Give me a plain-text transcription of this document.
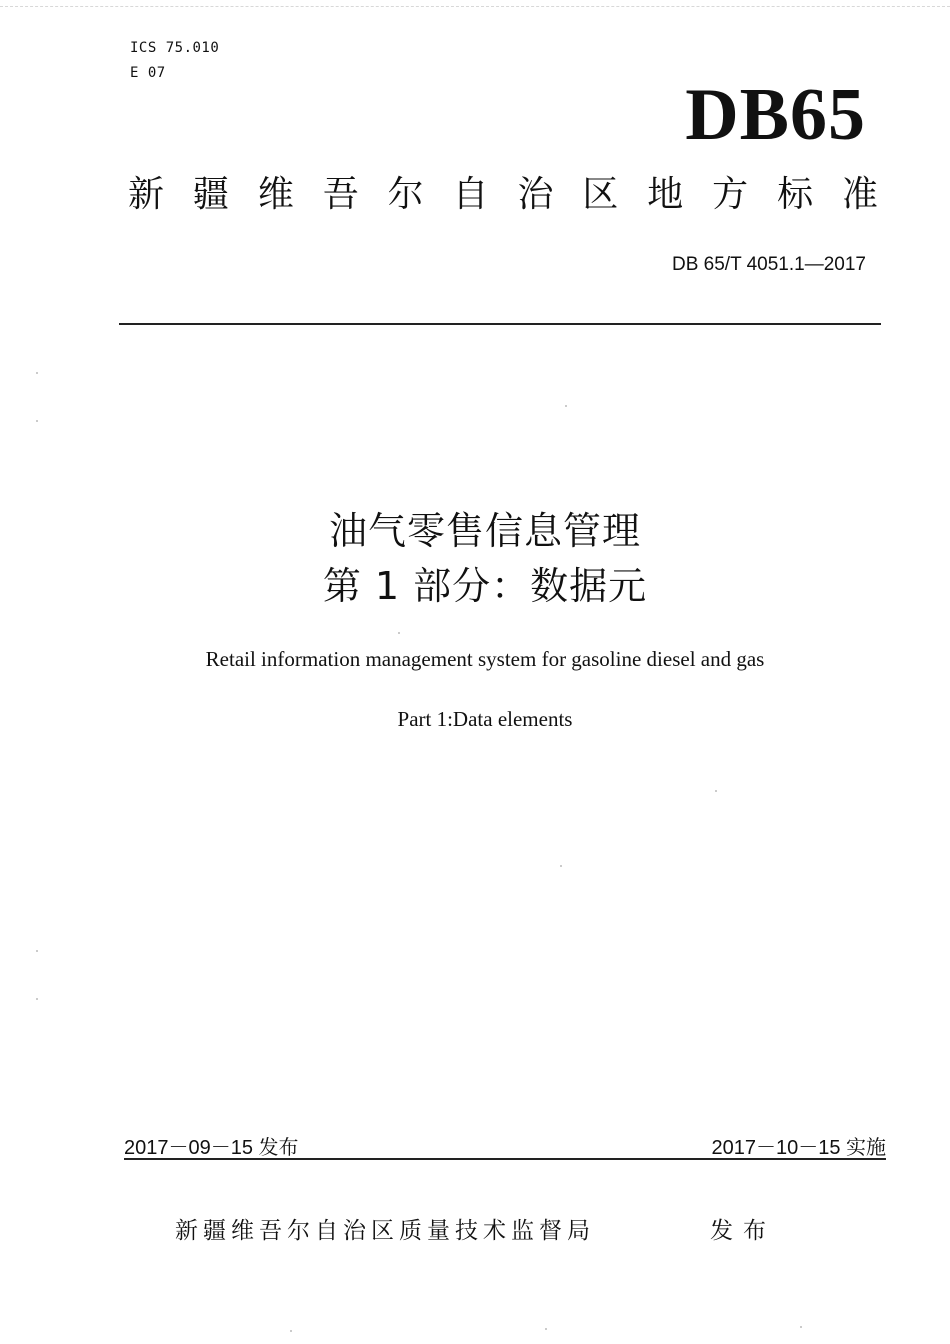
ICS 75.010
E 07
DB65
新 疆 维 吾 尔 自 治 区 地 方 标 准
DB 65/T 4051.1—2017
油气零售信息管理
第 1 部分：数据元
Retail information management system for gasoline diesel and gas
Part 1:Data elements
2017－09－15 发布	2017－10－15 实施
新疆维吾尔自治区质量技术监督局	发布
